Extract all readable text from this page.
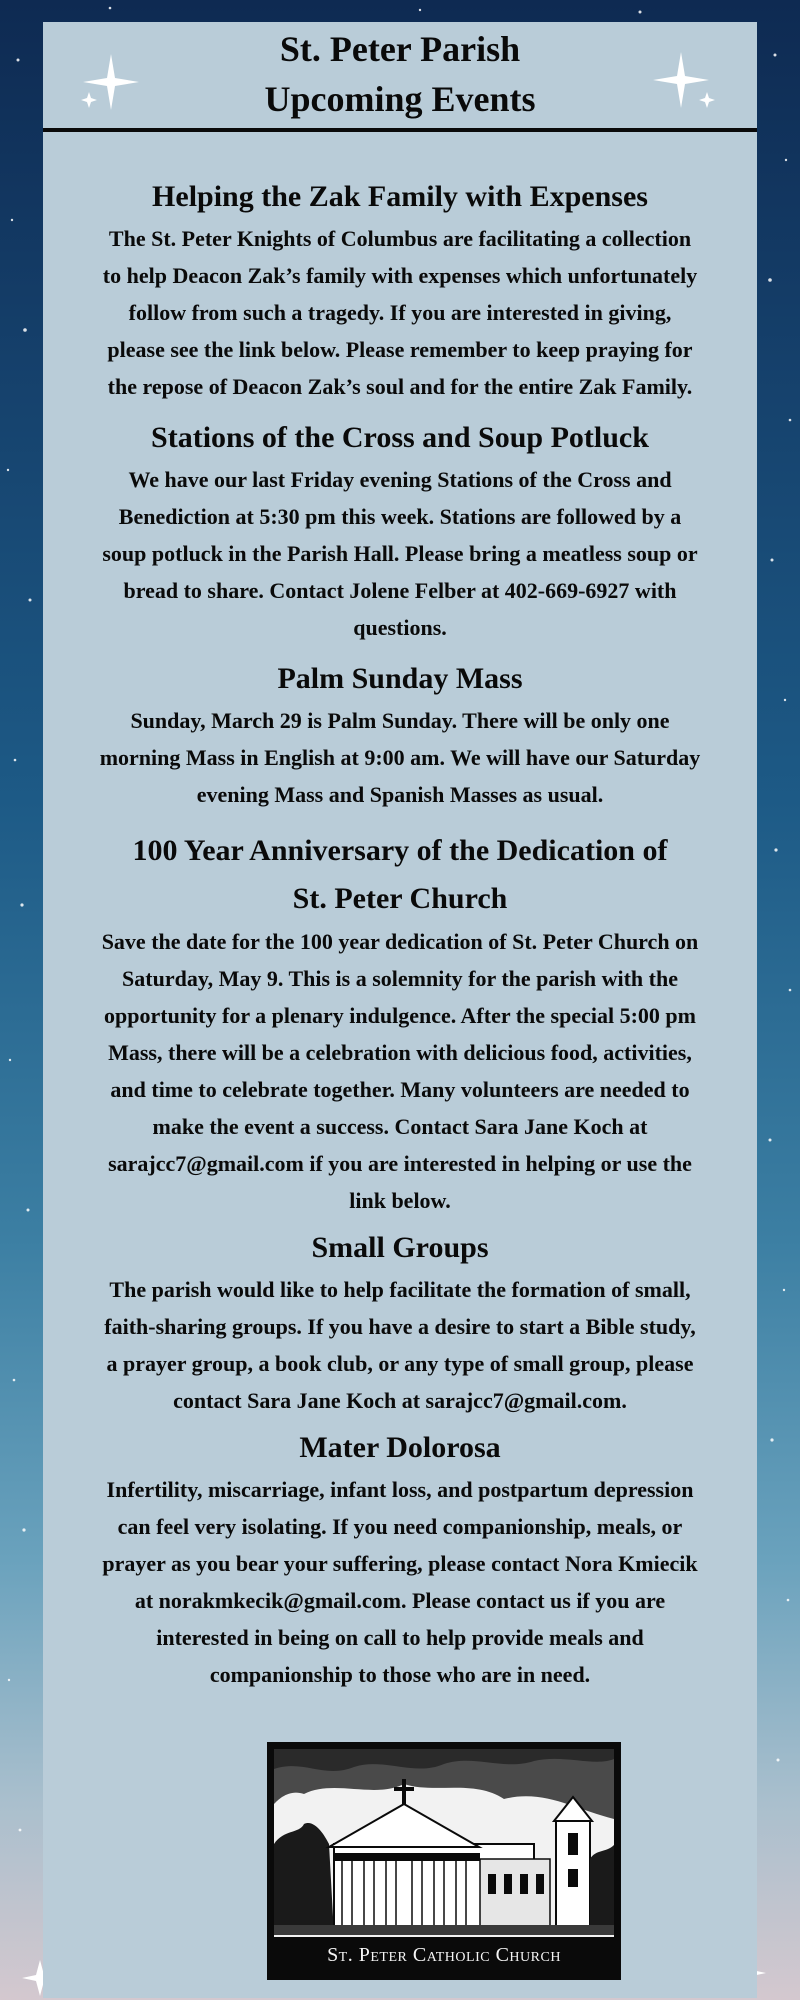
St. Peter Parish
Upcoming Events
Helping the Zak Family with Expenses

The St. Peter Knights of Columbus are facilitating a collection
to help Deacon Zak’s family with expenses which unfortunately
follow from such a tragedy. If you are interested in giving,
please see the link below. Please remember to keep praying for
the repose of Deacon Zak’s soul and for the entire Zak Family.

Stations of the Cross and Soup Potluck

We have our last Friday evening Stations of the Cross and
Benediction at 5:30 pm this week. Stations are followed by a
soup potluck in the Parish Hall. Please bring a meatless soup or
bread to share. Contact Jolene Felber at 402-669-6927 with
questions.

Palm Sunday Mass

Sunday, March 29 is Palm Sunday. There will be only one
morning Mass in English at 9:00 am. We will have our Saturday
evening Mass and Spanish Masses as usual.

100 Year Anniversary of the Dedication of
St. Peter Church

Save the date for the 100 year dedication of St. Peter Church on
Saturday, May 9. This is a solemnity for the parish with the
opportunity for a plenary indulgence. After the special 5:00 pm
Mass, there will be a celebration with delicious food, activities,
and time to celebrate together. Many volunteers are needed to
make the event a success. Contact Sara Jane Koch at
sarajcc7@gmail.com if you are interested in helping or use the
link below.

Small Groups

The parish would like to help facilitate the formation of small,
faith-sharing groups. If you have a desire to start a Bible study,
a prayer group, a book club, or any type of small group, please
contact Sara Jane Koch at sarajcc7@gmail.com.

Mater Dolorosa

Infertility, miscarriage, infant loss, and postpartum depression
can feel very isolating. If you need companionship, meals, or
prayer as you bear your suffering, please contact Nora Kmiecik
at norakmkecik@gmail.com. Please contact us if you are
interested in being on call to help provide meals and
companionship to those who are in need.

St. Peter Catholic Church
